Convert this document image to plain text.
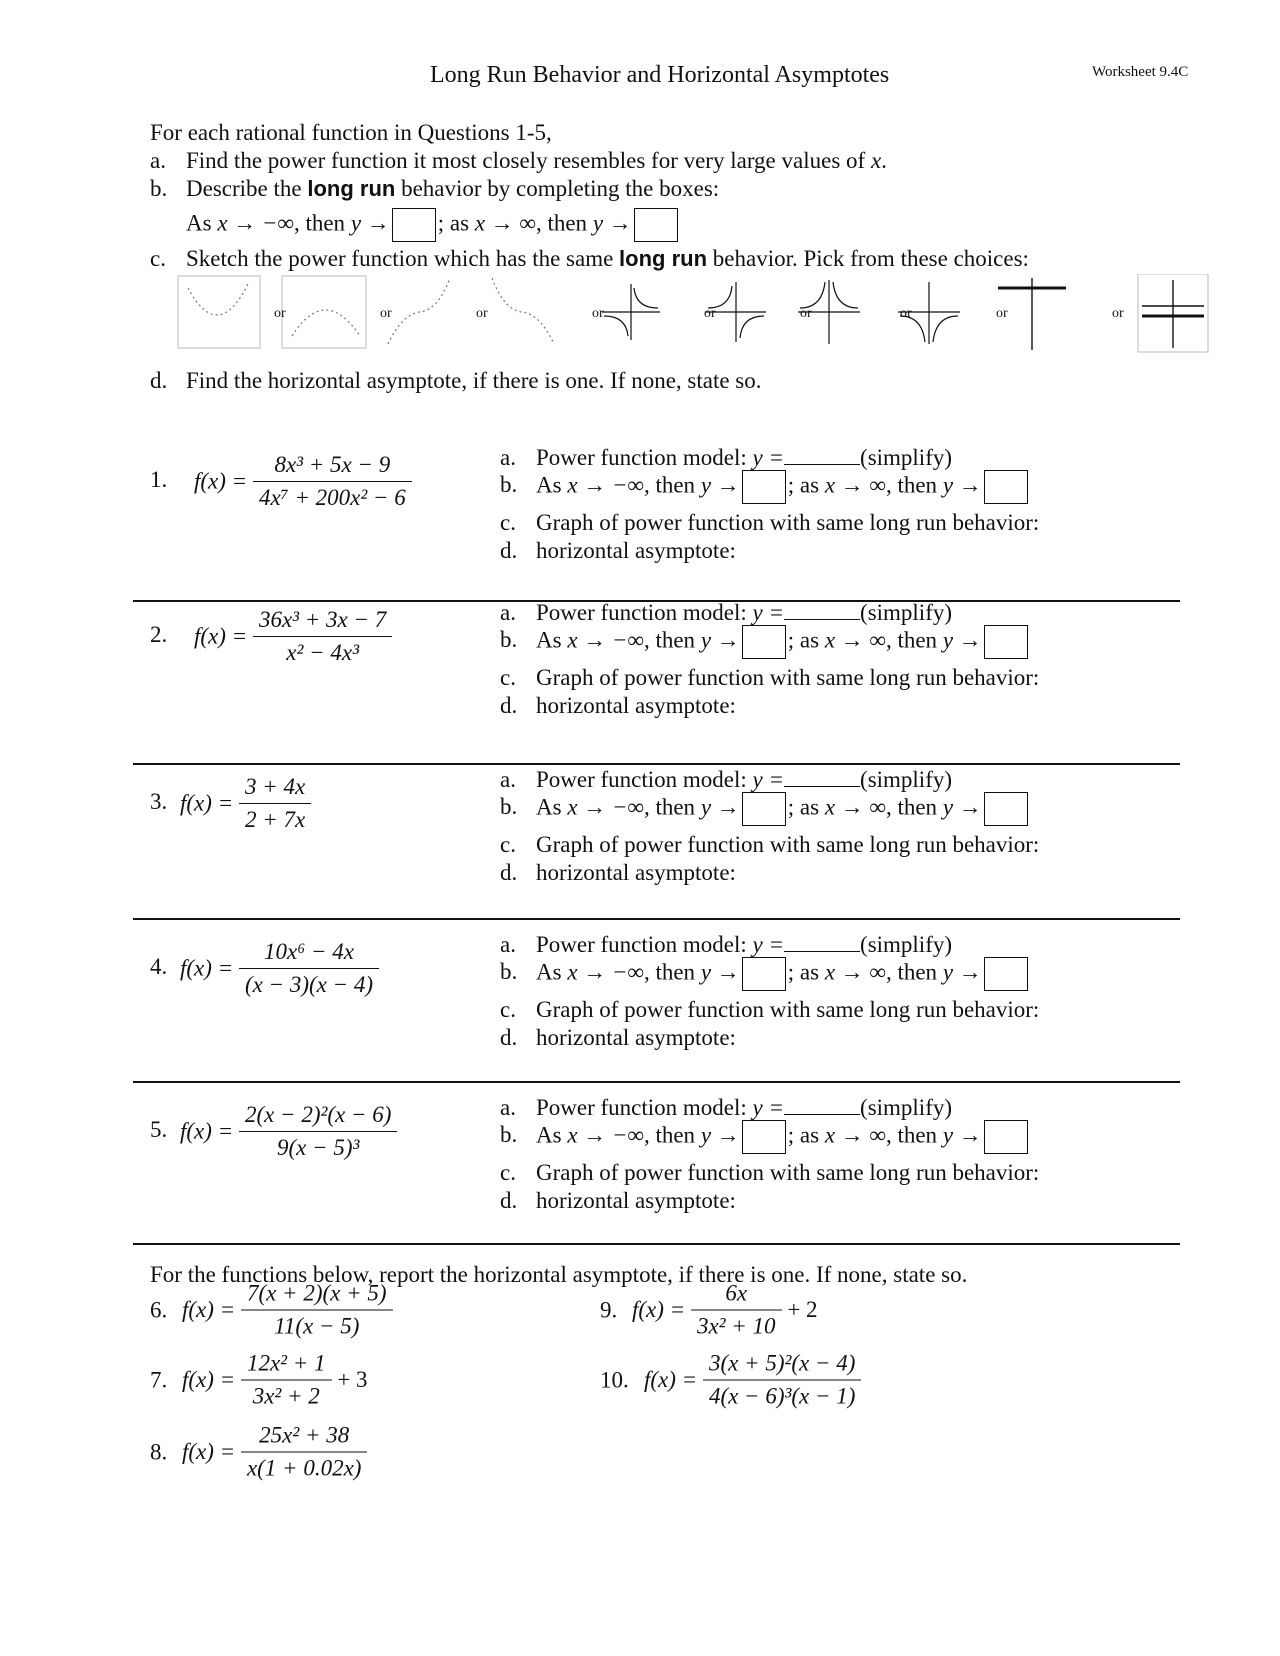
Long Run Behavior and Horizontal Asymptotes	Worksheet 9.4C
For each rational function in Questions 1-5,
a. Find the power function it most closely resembles for very large values of x.
b. Describe the long run behavior by completing the boxes:
As x → −∞, then y → ; as x → ∞, then y →
c. Sketch the power function which has the same long run behavior. Pick from these choices:
or	or	or	or	or	or	or	or	or
d. Find the horizontal asymptote, if there is one. If none, state so.
1. $f(x) = \frac{\text{8x³ + 5x − 9}}{\text{4x⁷ + 200x² − 6}}$	a. Power function model: y =	(simplify)
b. As x → −∞, then y → ; as x → ∞, then y →
c. Graph of power function with same long run behavior:
d. horizontal asymptote:
2. $f(x) = \frac{\text{36x³ + 3x − 7}}{\text{x² − 4x³}}$	a. Power function model: y =	(simplify)
b. As x → −∞, then y → ; as x → ∞, then y →
c. Graph of power function with same long run behavior:
d. horizontal asymptote:
3. $f(x) = \frac{3 + 4x}{2 + 7x}$	a. Power function model: y =	(simplify)
b. As x → −∞, then y → ; as x → ∞, then y →
c. Graph of power function with same long run behavior:
d. horizontal asymptote:
4. $f(x) = \frac{\text{10x⁶ − 4x}}{(x - 3)(x - 4)}$	a. Power function model: y =	(simplify)
b. As x → −∞, then y → ; as x → ∞, then y →
c. Graph of power function with same long run behavior:
d. horizontal asymptote:
5. $f(x) = \frac{\text{2(x − 2)²(x − 6)}}{\text{9(x − 5)³}}$	a. Power function model: y =	(simplify)
b. As x → −∞, then y → ; as x → ∞, then y →
c. Graph of power function with same long run behavior:
d. horizontal asymptote:
For the functions below, report the horizontal asymptote, if there is one. If none, state so.
6. $f(x) = \frac{7(x + 2)(x + 5)}{11(x - 5)}$
7. $f(x) = \frac{\text{12x² + 1}}{\text{3x² + 2}} + 3$
8. $f(x) = \frac{\text{25x² + 38}}{x(1 + 0.02x)}$
9. $f(x) = \frac{6x}{\text{3x² + 10}} + 2$
10. $f(x) = \frac{\text{3(x + 5)²(x − 4)}}{\text{4(x − 6)³(x − 1)}}$
